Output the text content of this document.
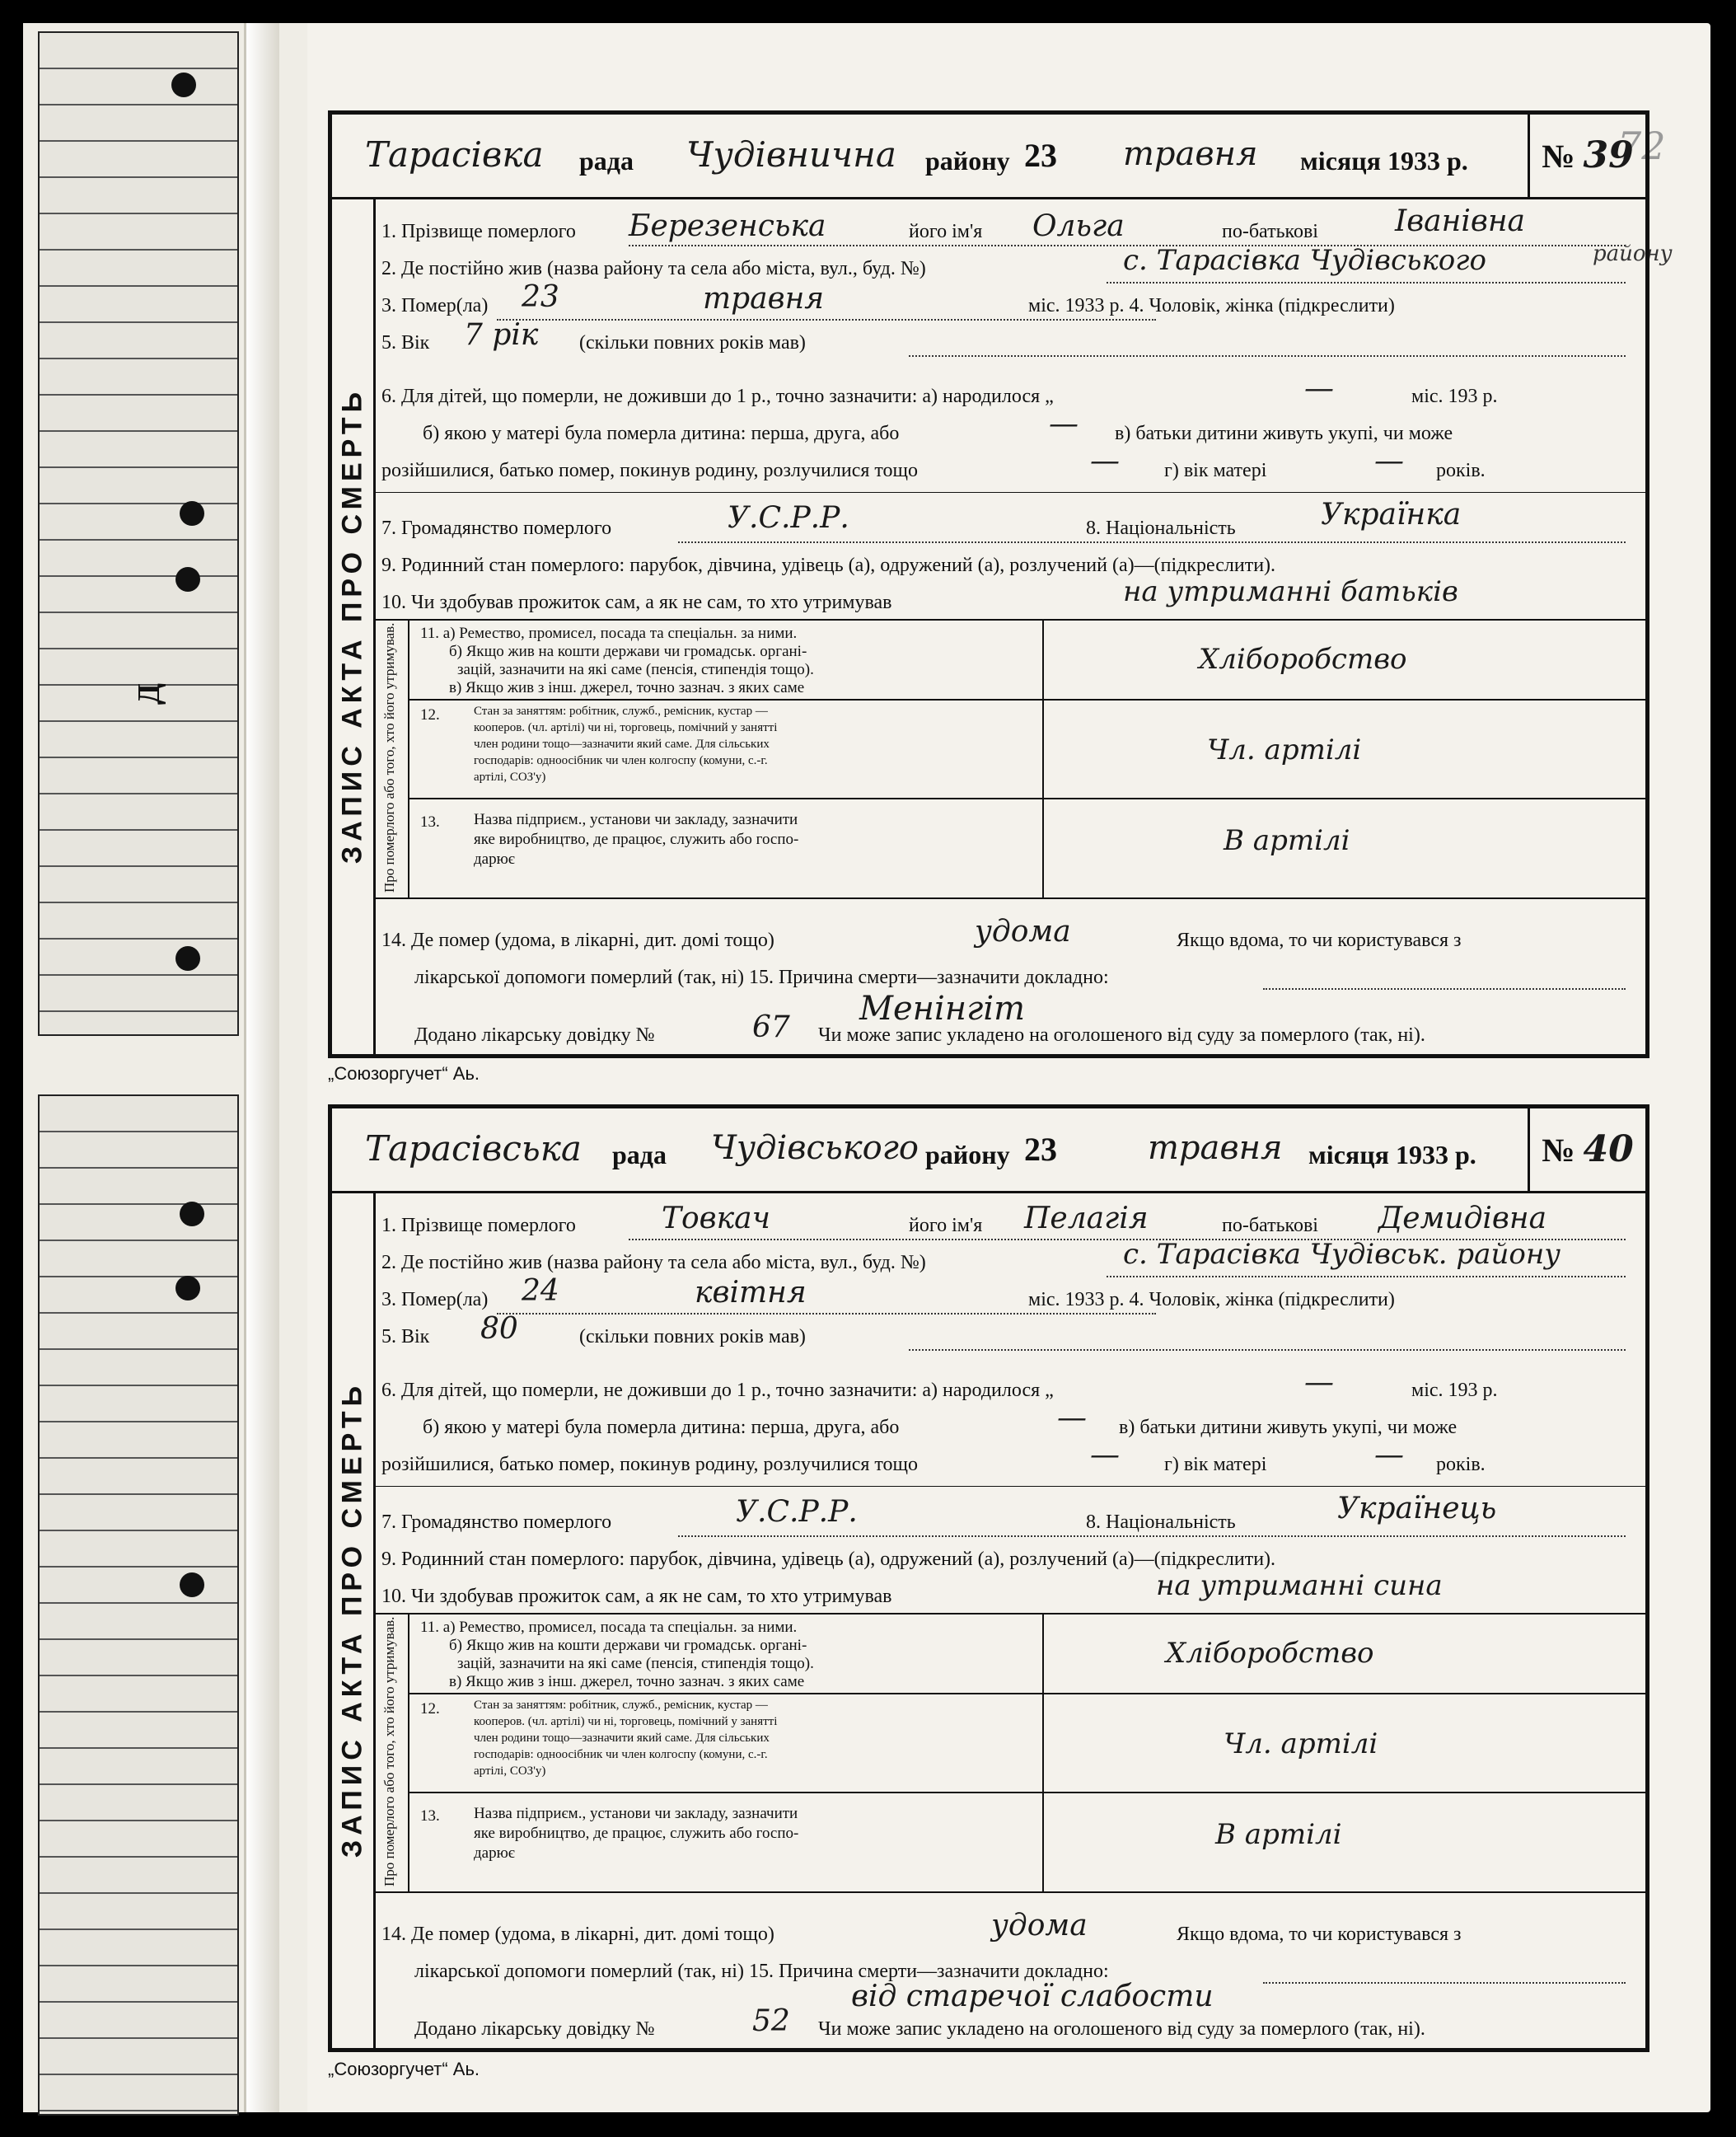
Д
72
району
Тарасівка рада Чудівнична району 23 травня місяця 1933 р. №
39
ЗАПИС АКТА ПРО СМЕРТЬ
1. Прізвище померлого Березенська	його ім'я Ольга	по-батькові	Іванівна
2. Де постійно жив (назва району та села або міста, вул., буд. №)	с. Тарасівка Чудівського
3. Помер(ла) 23	травня	міс. 1933 р. 4. Чоловік, жінка (підкреслити)
5. Вік 7 рік (скільки повних років мав)
6. Для дітей, що померли, не доживши до 1 р., точно зазначити: а) народилося „	—	міс. 193 р.
б) якою у матері була померла дитина: перша, друга, або	— в) батьки дитини живуть укупі, чи може
розійшилися, батько помер, покинув родину, розлучилися тощо	— г) вік матері	— років.
7. Громадянство померлого	У.С.Р.Р.	8. Національність	Українка
9. Родинний стан померлого: парубок, дівчина, удівець (а), одружений (а), розлучений (а)—(підкреслити).
10. Чи здобував прожиток сам, а як не сам, то хто утримував	на утриманні батьків
Про померлого або того, хто його утримував. 11. а) Ремество, промисел, посада та спеціальн. за ними.
б) Якщо жив на кошти держави чи громадськ. органі-
зацій, зазначити на які саме (пенсія, стипендія тощо).
в) Якщо жив з інш. джерел, точно зазнач. з яких саме
Хліборобство
12.	Стан за заняттям: робітник, служб., ремісник, кустар —
кооперов. (чл. артілі) чи ні, торговець, помічний у занятті
член родини тощо—зазначити який саме. Для сільських
господарів: одноосібник чи член колгоспу (комуни, с.-г.
артілі, СОЗ'у)
Чл. артілі
13. Назва підприєм., установи чи закладу, зазначити
яке виробництво, де працює, служить або госпо-
дарює
В артілі
14. Де помер (удома, в лікарні, дит. домі тощо)	удома	Якщо вдома, то чи користувався з
лікарської допомоги померлий (так, ні) 15. Причина смерти—зазначити докладно:
Менінгіт
Додано лікарську довідку №	67 Чи може запис укладено на оголошеного від суду за померлого (так, ні).
„Союзоргучет“ Аь.
Тарасівська рада Чудівського району 23	травня місяця 1933 р. №
40
ЗАПИС АКТА ПРО СМЕРТЬ
1. Прізвище померлого	Товкач	його ім'я Пелагія	по-батькові Демидівна
2. Де постійно жив (назва району та села або міста, вул., буд. №)	с. Тарасівка Чудівськ. району
3. Помер(ла) 24	квітня	міс. 1933 р. 4. Чоловік, жінка (підкреслити)
5. Вік 80	(скільки повних років мав)
6. Для дітей, що померли, не доживши до 1 р., точно зазначити: а) народилося „	—	міс. 193 р.
б) якою у матері була померла дитина: перша, друга, або	— в) батьки дитини живуть укупі, чи може
розійшилися, батько помер, покинув родину, розлучилися тощо	— г) вік матері	— років.
7. Громадянство померлого	У.С.Р.Р.	8. Національність	Українець
9. Родинний стан померлого: парубок, дівчина, удівець (а), одружений (а), розлучений (а)—(підкреслити).
10. Чи здобував прожиток сам, а як не сам, то хто утримував	на утриманні сина
Про померлого або того, хто його утримував. 11. а) Ремество, промисел, посада та спеціальн. за ними.
б) Якщо жив на кошти держави чи громадськ. органі-
зацій, зазначити на які саме (пенсія, стипендія тощо).
в) Якщо жив з інш. джерел, точно зазнач. з яких саме
Хліборобство
12.	Стан за заняттям: робітник, служб., ремісник, кустар —
кооперов. (чл. артілі) чи ні, торговець, помічний у занятті
член родини тощо—зазначити який саме. Для сільських
господарів: одноосібник чи член колгоспу (комуни, с.-г.
артілі, СОЗ'у)
Чл. артілі
13. Назва підприєм., установи чи закладу, зазначити
яке виробництво, де працює, служить або госпо-
дарює
В артілі
14. Де помер (удома, в лікарні, дит. домі тощо)	удома	Якщо вдома, то чи користувався з
лікарської допомоги померлий (так, ні) 15. Причина смерти—зазначити докладно:
від старечої слабости
Додано лікарську довідку №	52 Чи може запис укладено на оголошеного від суду за померлого (так, ні).
„Союзоргучет“ Аь.
